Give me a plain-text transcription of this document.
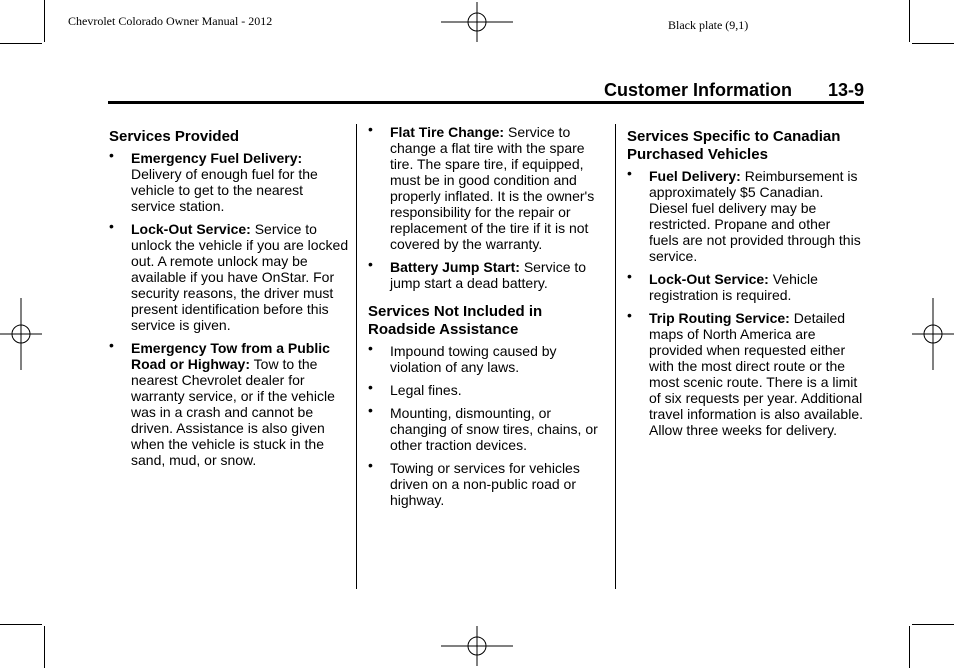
Chevrolet Colorado Owner Manual - 2012	Black plate (9,1)
Customer Information 13-9
Services Provided
• Emergency Fuel Delivery:
Delivery of enough fuel for the vehicle to get to the nearest service station.
• Lock-Out Service: Service to unlock the vehicle if you are locked out. A remote unlock may be available if you have OnStar. For security reasons, the driver must present identification before this service is given.
• Emergency Tow from a Public Road or Highway: Tow to the nearest Chevrolet dealer for warranty service, or if the vehicle was in a crash and cannot be driven. Assistance is also given when the vehicle is stuck in the sand, mud, or snow.
• Flat Tire Change: Service to change a flat tire with the spare tire. The spare tire, if equipped, must be in good condition and properly inflated. It is the owner's responsibility for the repair or replacement of the tire if it is not covered by the warranty.
• Battery Jump Start: Service to jump start a dead battery.
Services Not Included in Roadside Assistance
• Impound towing caused by violation of any laws.
• Legal fines.
• Mounting, dismounting, or changing of snow tires, chains, or other traction devices.
• Towing or services for vehicles driven on a non-public road or highway.
Services Specific to Canadian Purchased Vehicles
• Fuel Delivery: Reimbursement is approximately $5 Canadian. Diesel fuel delivery may be restricted. Propane and other fuels are not provided through this service.
• Lock-Out Service: Vehicle registration is required.
• Trip Routing Service: Detailed maps of North America are provided when requested either with the most direct route or the most scenic route. There is a limit of six requests per year. Additional travel information is also available. Allow three weeks for delivery.
